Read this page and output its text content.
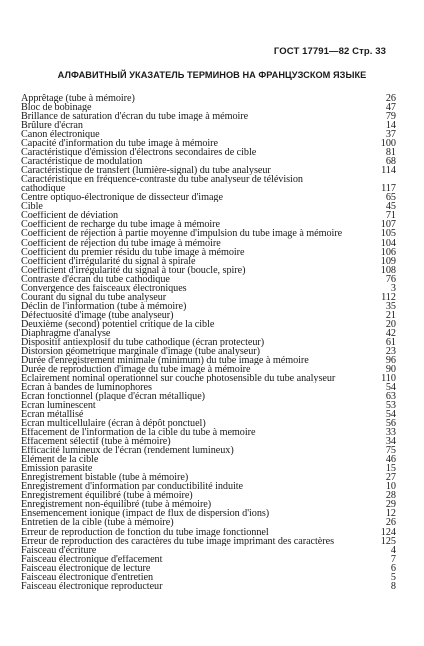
ГОСТ 17791—82 Стр. 33
АЛФАВИТНЫЙ УКАЗАТЕЛЬ ТЕРМИНОВ НА ФРАНЦУЗСКОМ ЯЗЫКЕ
Apprêtage (tube à mémoire)	26
Bloc de bobinage	47
Brillance de saturation d'écran du tube image à mémoire	79
Brûlure d'écran	14
Canon électronique	37
Capacité d'information du tube image à mémoire	100
Caractéristique d'émission d'électrons secondaires de cible	81
Caractéristique de modulation	68
Caractéristique de transfert (lumière-signal) du tube analyseur	114
Caractéristique en fréquence-contraste du tube analyseur de télévision
cathodique	117
Centre optiquo-électronique de dissecteur d'image	65
Cible	45
Coefficient de déviation	71
Coefficient de recharge du tube image à mémoire	107
Coefficient de réjection à partie moyenne d'impulsion du tube image à mémoire	105
Coefficient de réjection du tube image à mémoire	104
Coefficient du premier résidu du tube image à mémoire	106
Coefficient d'irrégularité du signal à spirale	109
Coefficient d'irrégularité du signal à tour (boucle, spire)	108
Contraste d'écran du tube cathodique	76
Convergence des faisceaux électroniques	3
Courant du signal du tube analyseur	112
Déclin de l'information (tube à mémoire)	35
Défectuosité d'image (tube analyseur)	21
Deuxième (second) potentiel critique de la cible	20
Diaphragme d'analyse	42
Dispositif antiexplosif du tube cathodique (écran protecteur)	61
Distorsion géometrique marginale d'image (tube analyseur)	23
Durée d'enregistrement minimale (minimum) du tube image à mémoire	96
Durée de reproduction d'image du tube image à mémoire	90
Eclairement nominal operationnel sur couche photosensible du tube analyseur	110
Ecran à bandes de luminophores	54
Ecran fonctionnel (plaque d'écran métallique)	63
Ecran luminescent	53
Ecran métallisé	54
Ecran multicellulaire (écran à dépôt ponctuel)	56
Effacement de l'information de la cible du tube à memoire	33
Effacement sélectif (tube à mémoire)	34
Efficacité lumineux de l'écran (rendement lumineux)	75
Elément de la cible	46
Emission parasite	15
Enregistrement bistable (tube à mémoire)	27
Enregistrement d'information par conductibilité induite	10
Enregistrement équilibré (tube à mémoire)	28
Enregistrement non-équilibré (tube à mémoire)	29
Ensemencement ionique (impact de flux de dispersion d'ions)	12
Entretien de la cible (tube à mémoire)	26
Erreur de reproduction de fonction du tube image fonctionnel	124
Erreur de reproduction des caractères du tube image imprimant des caractères	125
Faisceau d'écriture	4
Faisceau électronique d'effacement	7
Faisceau électronique de lecture	6
Faisceau électronique d'entretien	5
Faisceau électronique reproducteur	8
